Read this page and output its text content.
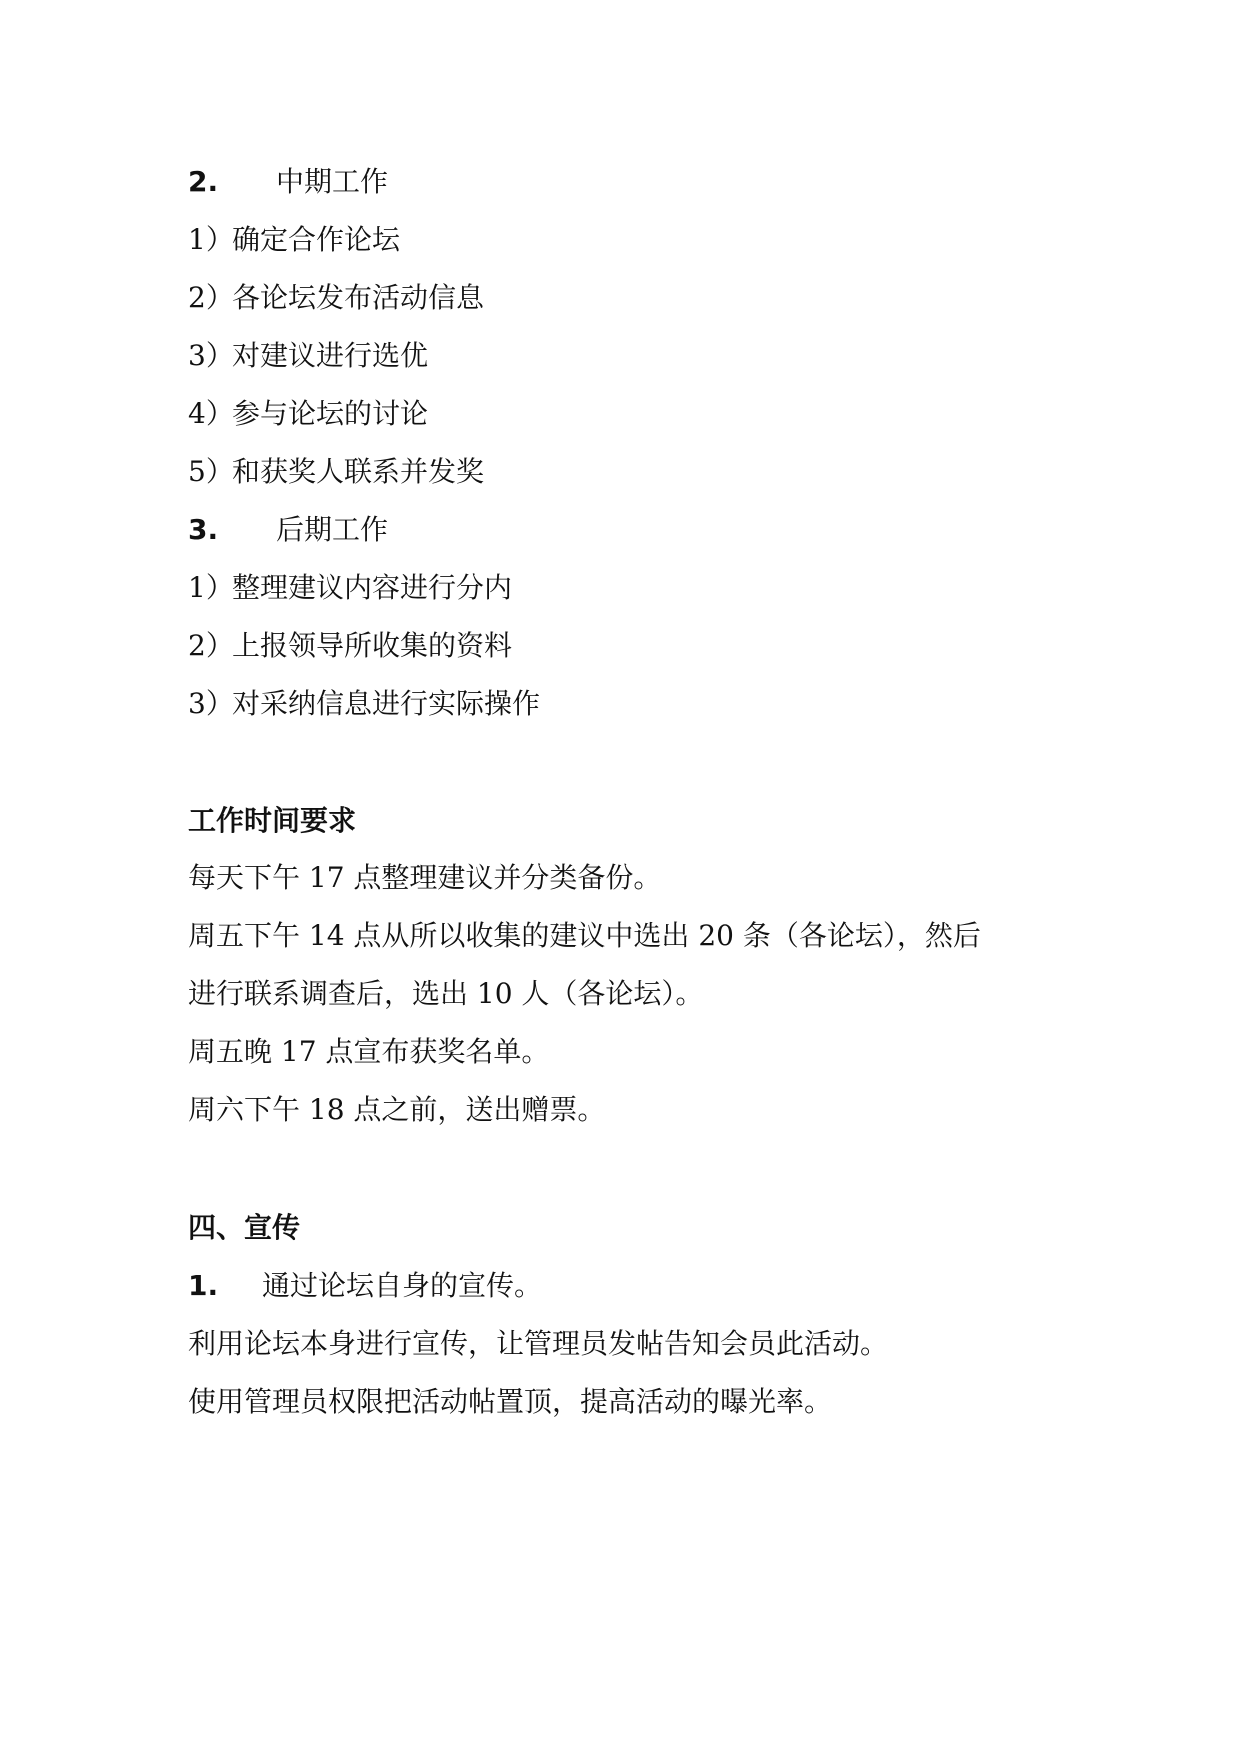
2. 中期工作
1）确定合作论坛
2）各论坛发布活动信息
3）对建议进行选优
4）参与论坛的讨论
5）和获奖人联系并发奖
3. 后期工作
1）整理建议内容进行分内
2）上报领导所收集的资料
3）对采纳信息进行实际操作
工作时间要求
每天下午 17 点整理建议并分类备份。
周五下午 14 点从所以收集的建议中选出 20 条（各论坛），然后
进行联系调查后，选出 10 人（各论坛）。
周五晚 17 点宣布获奖名单。
周六下午 18 点之前，送出赠票。
四、宣传
1. 通过论坛自身的宣传。
利用论坛本身进行宣传，让管理员发帖告知会员此活动。
使用管理员权限把活动帖置顶，提高活动的曝光率。
